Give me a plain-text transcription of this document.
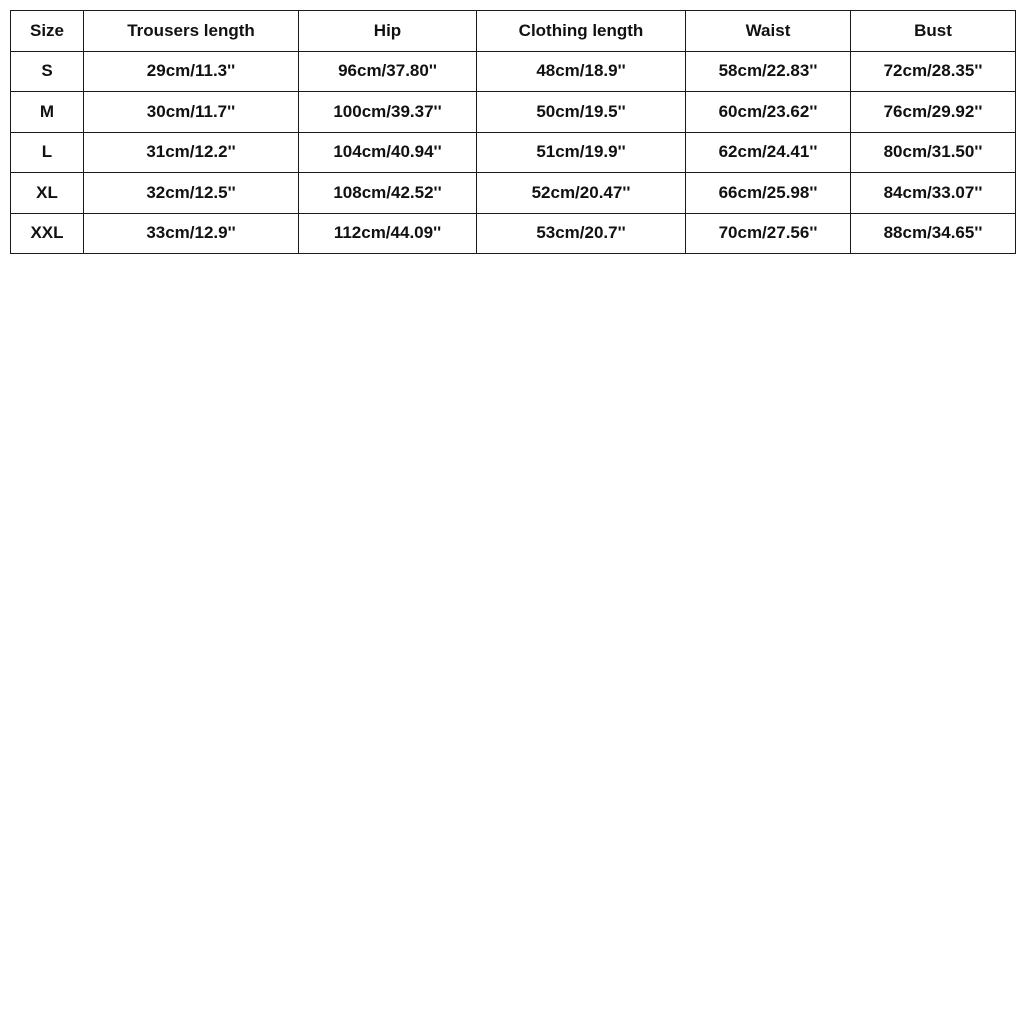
Size	Trousers length	Hip	Clothing length	Waist	Bust
S	29cm/11.3''	96cm/37.80''	48cm/18.9''	58cm/22.83''	72cm/28.35''
M	30cm/11.7''	100cm/39.37''	50cm/19.5''	60cm/23.62''	76cm/29.92''
L	31cm/12.2''	104cm/40.94''	51cm/19.9''	62cm/24.41''	80cm/31.50''
XL	32cm/12.5''	108cm/42.52''	52cm/20.47''	66cm/25.98''	84cm/33.07''
XXL	33cm/12.9''	112cm/44.09''	53cm/20.7''	70cm/27.56''	88cm/34.65''
